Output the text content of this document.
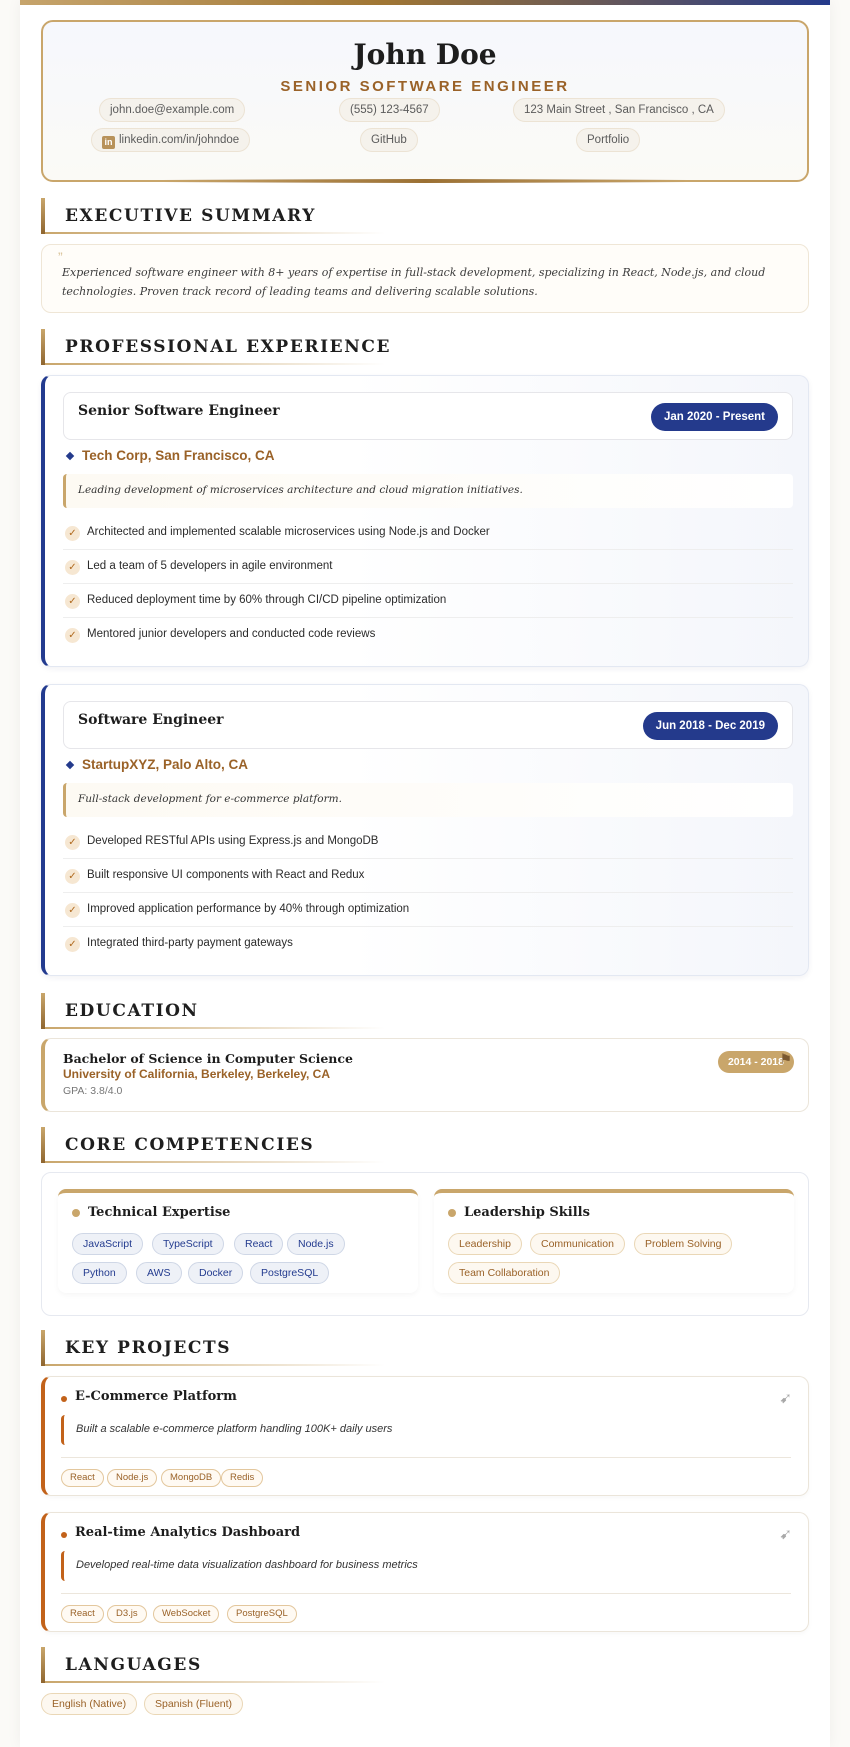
John Doe
SENIOR SOFTWARE ENGINEER
john.doe@example.com	(555) 123-4567	123 Main Street , San Francisco , CA
in linkedin.com/in/johndoe	GitHub	Portfolio
EXECUTIVE SUMMARY
”

Experienced software engineer with 8+ years of expertise in full-stack development, specializing in React, Node.js, and cloud technologies. Proven track record of leading teams and delivering scalable solutions.

PROFESSIONAL EXPERIENCE
Senior Software Engineer	Jan 2020 - Present
Tech Corp, San Francisco, CA
Leading development of microservices architecture and cloud migration initiatives.
✓ Architected and implemented scalable microservices using Node.js and Docker
✓ Led a team of 5 developers in agile environment
✓ Reduced deployment time by 60% through CI/CD pipeline optimization
✓ Mentored junior developers and conducted code reviews
Software Engineer	Jun 2018 - Dec 2019
StartupXYZ, Palo Alto, CA
Full-stack development for e-commerce platform.
✓ Developed RESTful APIs using Express.js and MongoDB
✓ Built responsive UI components with React and Redux
✓ Improved application performance by 40% through optimization
✓ Integrated third-party payment gateways
EDUCATION
Bachelor of Science in Computer Science
University of California, Berkeley, Berkeley, CA
GPA: 3.8/4.0
2014 - 2018
⚑
CORE COMPETENCIES
Technical Expertise
JavaScript	TypeScript	React	Node.js
Python	AWS	Docker	PostgreSQL
Leadership Skills
Leadership	Communication	Problem Solving
Team Collaboration
KEY PROJECTS
E-Commerce Platform	➹
Built a scalable e-commerce platform handling 100K+ daily users
React	Node.js	MongoDB	Redis
Real-time Analytics Dashboard	➹
Developed real-time data visualization dashboard for business metrics
React	D3.js	WebSocket	PostgreSQL
LANGUAGES
English (Native)	Spanish (Fluent)
